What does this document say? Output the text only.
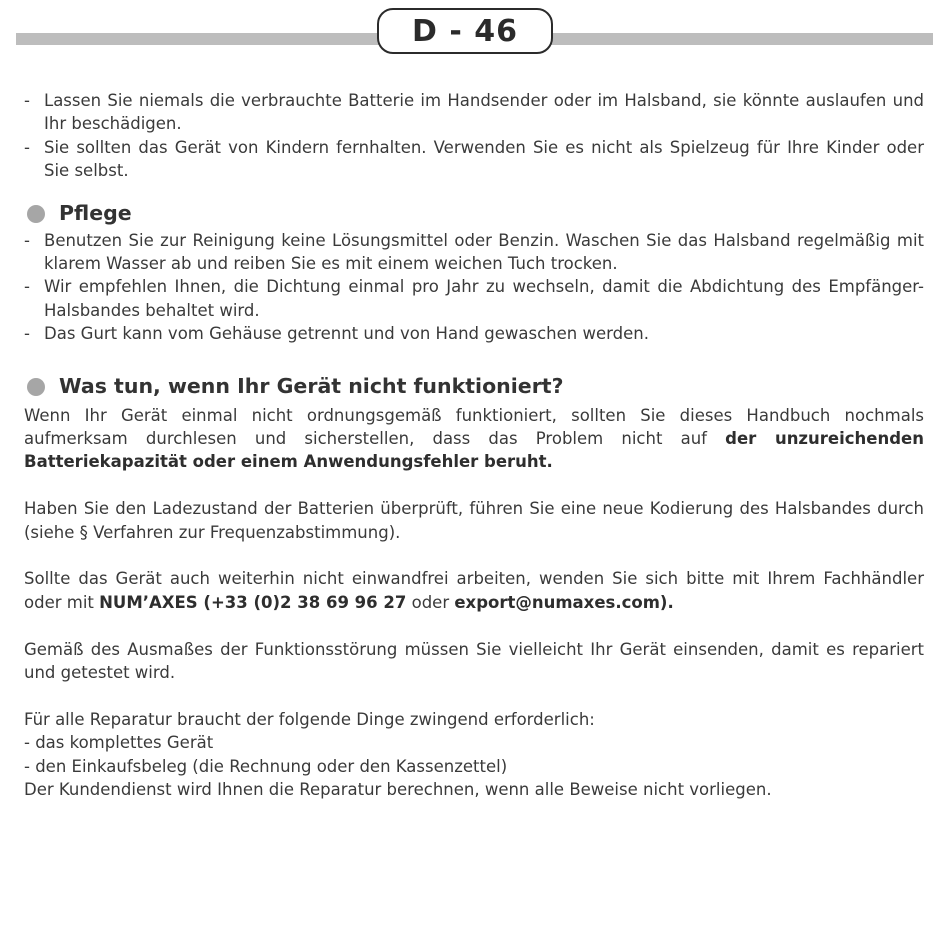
D - 46
- Lassen Sie niemals die verbrauchte Batterie im Handsender oder im Halsband, sie könnte auslaufen und Ihr beschädigen.
- Sie sollten das Gerät von Kindern fernhalten. Verwenden Sie es nicht als Spielzeug für Ihre Kinder oder Sie selbst.
Pflege
- Benutzen Sie zur Reinigung keine Lösungsmittel oder Benzin. Waschen Sie das Halsband regelmäßig mit klarem Wasser ab und reiben Sie es mit einem weichen Tuch trocken.
- Wir empfehlen Ihnen, die Dichtung einmal pro Jahr zu wechseln, damit die Abdichtung des Empfänger-Halsbandes behaltet wird.
- Das Gurt kann vom Gehäuse getrennt und von Hand gewaschen werden.
Was tun, wenn Ihr Gerät nicht funktioniert?

Wenn Ihr Gerät einmal nicht ordnungsgemäß funktioniert, sollten Sie dieses Handbuch nochmals aufmerksam durchlesen und sicherstellen, dass das Problem nicht auf der unzureichenden Batteriekapazität oder einem Anwendungsfehler beruht.

Haben Sie den Ladezustand der Batterien überprüft, führen Sie eine neue Kodierung des Halsbandes durch (siehe § Verfahren zur Frequenzabstimmung).

Sollte das Gerät auch weiterhin nicht einwandfrei arbeiten, wenden Sie sich bitte mit Ihrem Fachhändler oder mit NUM’AXES (+33 (0)2 38 69 96 27 oder export@numaxes.com).

Gemäß des Ausmaßes der Funktionsstörung müssen Sie vielleicht Ihr Gerät einsenden, damit es repariert und getestet wird.

Für alle Reparatur braucht der folgende Dinge zwingend erforderlich:
- das komplettes Gerät
- den Einkaufsbeleg (die Rechnung oder den Kassenzettel)
Der Kundendienst wird Ihnen die Reparatur berechnen, wenn alle Beweise nicht vorliegen.
